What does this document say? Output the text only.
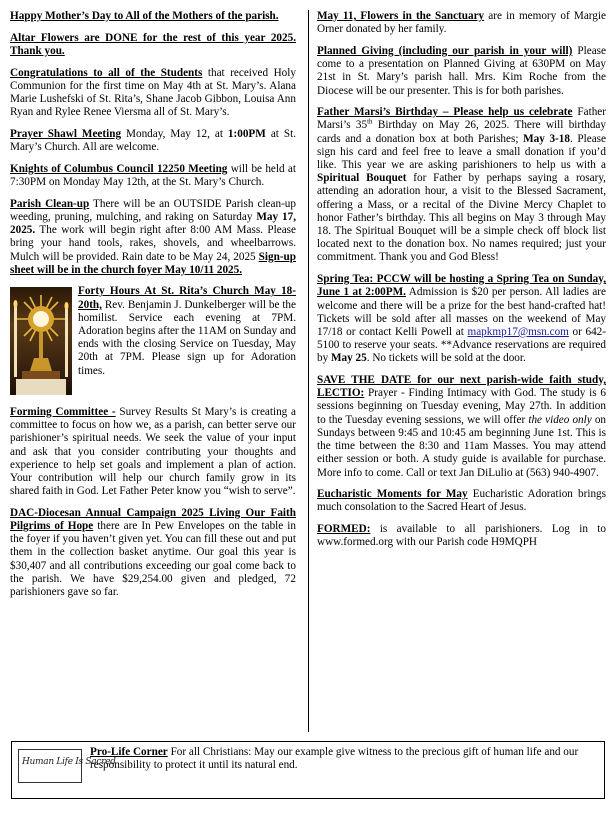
Happy Mother’s Day to All of the Mothers of the parish.

Altar Flowers are DONE for the rest of this year 2025. Thank you.

Congratulations to all of the Students that received Holy Communion for the first time on May 4th at St. Mary’s. Alana Marie Lushefski of St. Rita’s, Shane Jacob Gibbon, Louisa Ann Ryan and Rylee Renee Viersma all of St. Mary’s.

Prayer Shawl Meeting Monday, May 12, at 1:00PM at St. Mary’s Church. All are welcome.

Knights of Columbus Council 12250 Meeting will be held at 7:30PM on Monday May 12th, at the St. Mary’s Church.

Parish Clean-up There will be an OUTSIDE Parish clean-up weeding, pruning, mulching, and raking on Saturday May 17, 2025. The work will begin right after 8:00 AM Mass. Please bring your hand tools, rakes, shovels, and wheelbarrows. Mulch will be provided. Rain date to be May 24, 2025 Sign-up sheet will be in the church foyer May 10/11 2025.

Forty Hours At St. Rita’s Church May 18-20th, Rev. Benjamin J. Dunkelberger will be the homilist. Service each evening at 7PM. Adoration begins after the 11AM on Sunday and ends with the closing Service on Tuesday, May 20th at 7PM. Please sign up for Adoration times.

Forming Committee - Survey Results St Mary’s is creating a committee to focus on how we, as a parish, can better serve our parishioner’s spiritual needs. We seek the value of your input and ask that you consider contributing your thoughts and experience to help set goals and implement a plan of action. Your contribution will help our church family grow in its shared faith in God. Let Father Peter know you “wish to serve”.

DAC-Diocesan Annual Campaign 2025 Living Our Faith Pilgrims of Hope there are In Pew Envelopes on the table in the foyer if you haven’t given yet. You can fill these out and put them in the collection basket anytime. Our goal this year is $30,407 and all contributions exceeding our goal come back to the parish. We have $29,254.00 given and pledged, 72 parishioners gave so far.

May 11, Flowers in the Sanctuary are in memory of Margie Orner donated by her family.

Planned Giving (including our parish in your will) Please come to a presentation on Planned Giving at 630PM on May 21st in St. Mary’s parish hall. Mrs. Kim Roche from the Diocese will be our presenter. This is for both parishes.

Father Marsi’s Birthday – Please help us celebrate Father Marsi’s 35th Birthday on May 26, 2025. There will birthday cards and a donation box at both Parishes; May 3-18. Please sign his card and feel free to leave a small donation if you’d like. This year we are asking parishioners to help us with a Spiritual Bouquet for Father by perhaps saying a rosary, attending an adoration hour, a visit to the Blessed Sacrament, offering a Mass, or a recital of the Divine Mercy Chaplet to honor Father’s birthday. This all begins on May 3 through May 18. The Spiritual Bouquet will be a simple check off block list located next to the donation box. No names required; just your commitment. Thank you and God Bless!

Spring Tea: PCCW will be hosting a Spring Tea on Sunday, June 1 at 2:00PM. Admission is $20 per person. All ladies are welcome and there will be a prize for the best hand-crafted hat! Tickets will be sold after all masses on the weekend of May 17/18 or contact Kelli Powell at mapkmp17@msn.com or 642-5100 to reserve your seats. **Advance reservations are required by May 25. No tickets will be sold at the door.

SAVE THE DATE for our next parish-wide faith study, LECTIO: Prayer - Finding Intimacy with God. The study is 6 sessions beginning on Tuesday evening, May 27th. In addition to the Tuesday evening sessions, we will offer the video only on Sundays between 9:45 and 10:45 am beginning June 1st. This is the time between the 8:30 and 11am Masses. You may attend either session or both. A study guide is available for purchase. More info to come. Call or text Jan DiLulio at (563) 940-4907.

Eucharistic Moments for May Eucharistic Adoration brings much consolation to the Sacred Heart of Jesus.

FORMED: is available to all parishioners. Log in to www.formed.org with our Parish code H9MQPH

Human Life Is Sacred
Pro-Life Corner For all Christians: May our example give witness to the precious gift of human life and our responsibility to protect it until its natural end.
